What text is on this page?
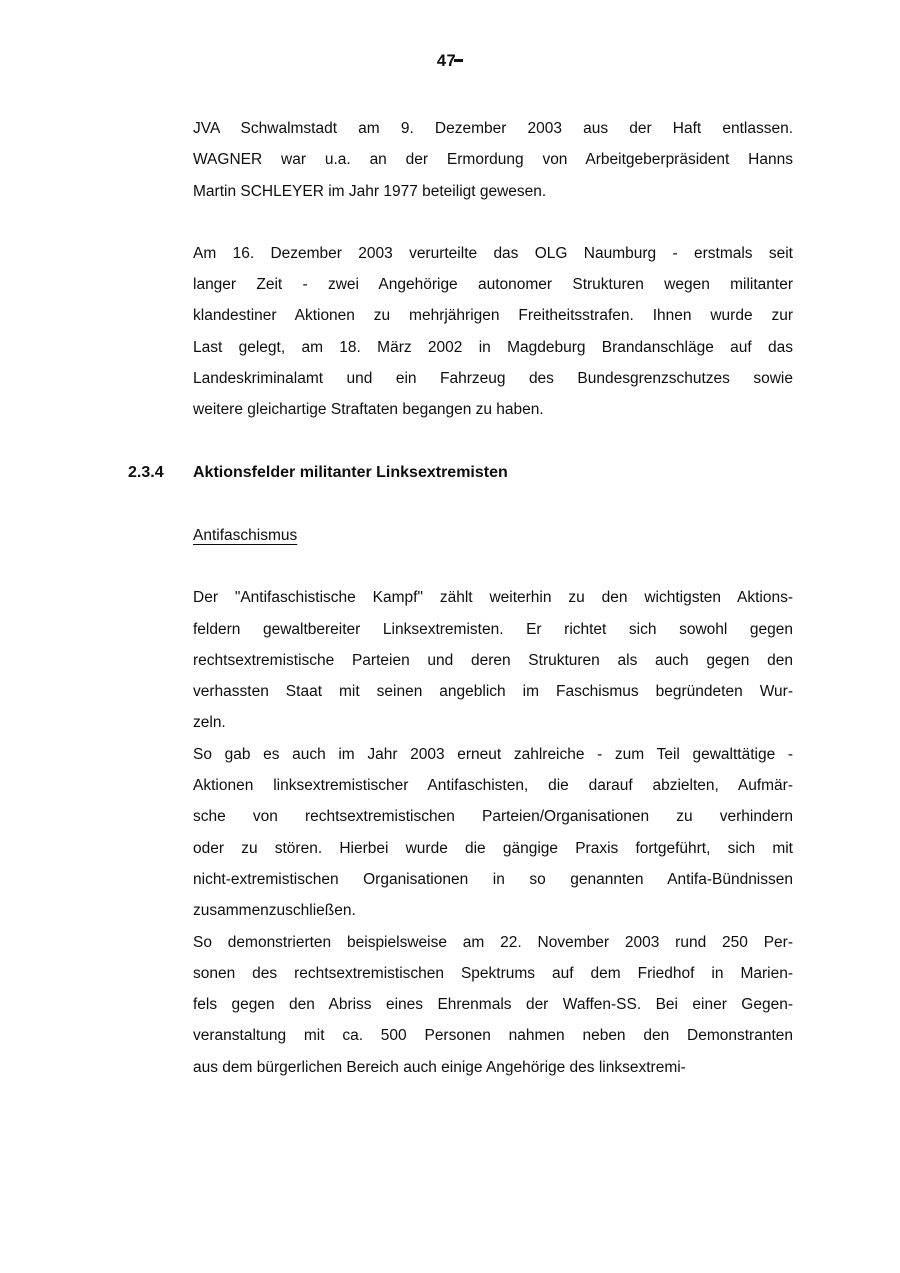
47
JVA Schwalmstadt am 9. Dezember 2003 aus der Haft entlassen.
WAGNER war u.a. an der Ermordung von Arbeitgeberpräsident Hanns
Martin SCHLEYER im Jahr 1977 beteiligt gewesen.
Am 16. Dezember 2003 verurteilte das OLG Naumburg - erstmals seit
langer Zeit - zwei Angehörige autonomer Strukturen wegen militanter
klandestiner Aktionen zu mehrjährigen Freitheitsstrafen. Ihnen wurde zur
Last gelegt, am 18. März 2002 in Magdeburg Brandanschläge auf das
Landeskriminalamt und ein Fahrzeug des Bundesgrenzschutzes sowie
weitere gleichartige Straftaten begangen zu haben.
2.3.4 Aktionsfelder militanter Linksextremisten
Antifaschismus
Der "Antifaschistische Kampf" zählt weiterhin zu den wichtigsten Aktions-
feldern gewaltbereiter Linksextremisten. Er richtet sich sowohl gegen
rechtsextremistische Parteien und deren Strukturen als auch gegen den
verhassten Staat mit seinen angeblich im Faschismus begründeten Wur-
zeln.
So gab es auch im Jahr 2003 erneut zahlreiche - zum Teil gewalttätige -
Aktionen linksextremistischer Antifaschisten, die darauf abzielten, Aufmär-
sche von rechtsextremistischen Parteien/Organisationen zu verhindern
oder zu stören. Hierbei wurde die gängige Praxis fortgeführt, sich mit
nicht-extremistischen Organisationen in so genannten Antifa-Bündnissen
zusammenzuschließen.
So demonstrierten beispielsweise am 22. November 2003 rund 250 Per-
sonen des rechtsextremistischen Spektrums auf dem Friedhof in Marien-
fels gegen den Abriss eines Ehrenmals der Waffen-SS. Bei einer Gegen-
veranstaltung mit ca. 500 Personen nahmen neben den Demonstranten
aus dem bürgerlichen Bereich auch einige Angehörige des linksextremi-
